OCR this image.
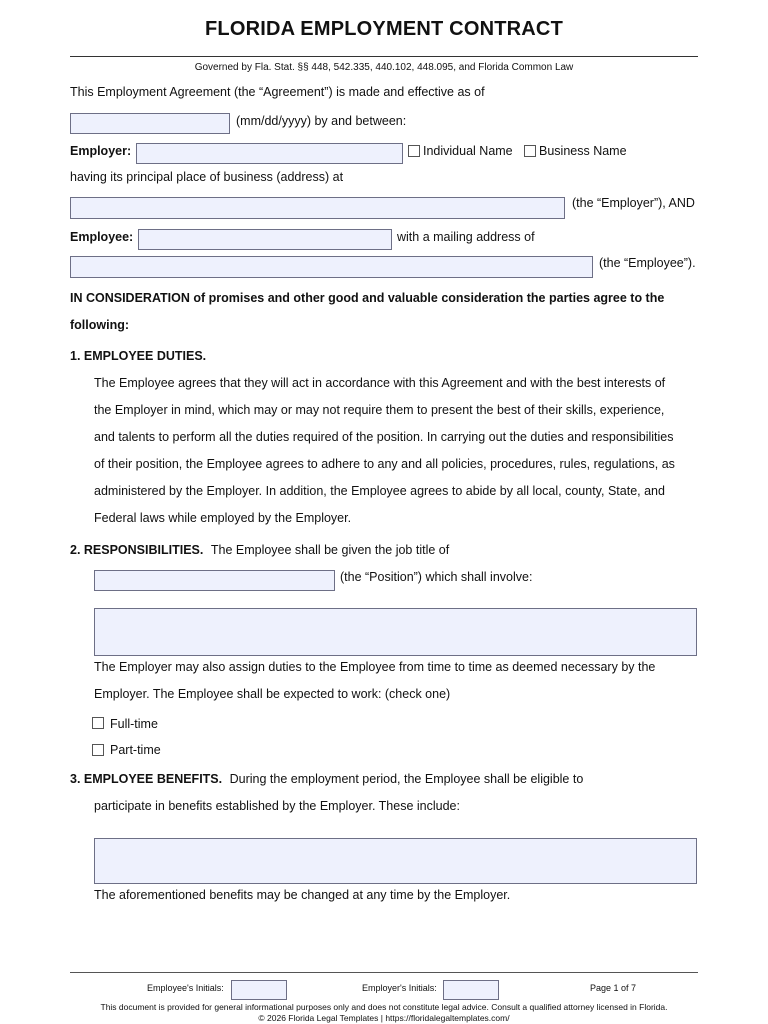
FLORIDA EMPLOYMENT CONTRACT
Governed by Fla. Stat. §§ 448, 542.335, 440.102, 448.095, and Florida Common Law
This Employment Agreement (the “Agreement”) is made and effective as of
(mm/dd/yyyy) by and between:
Employer:	Individual Name Business Name
having its principal place of business (address) at
(the “Employer”), AND
Employee:	with a mailing address of
(the “Employee”).
IN CONSIDERATION of promises and other good and valuable consideration the parties agree to the
following:
1. EMPLOYEE DUTIES.
The Employee agrees that they will act in accordance with this Agreement and with the best interests of
the Employer in mind, which may or may not require them to present the best of their skills, experience,
and talents to perform all the duties required of the position. In carrying out the duties and responsibilities
of their position, the Employee agrees to adhere to any and all policies, procedures, rules, regulations, as
administered by the Employer. In addition, the Employee agrees to abide by all local, county, State, and
Federal laws while employed by the Employer.
2. RESPONSIBILITIES. The Employee shall be given the job title of
(the “Position”) which shall involve:
The Employer may also assign duties to the Employee from time to time as deemed necessary by the
Employer. The Employee shall be expected to work: (check one)
Full-time
Part-time
3. EMPLOYEE BENEFITS. During the employment period, the Employee shall be eligible to
participate in benefits established by the Employer. These include:
The aforementioned benefits may be changed at any time by the Employer.
Employee's Initials:	Employer's Initials:	Page 1 of 7
This document is provided for general informational purposes only and does not constitute legal advice. Consult a qualified attorney licensed in Florida.
© 2026 Florida Legal Templates | https://floridalegaltemplates.com/
